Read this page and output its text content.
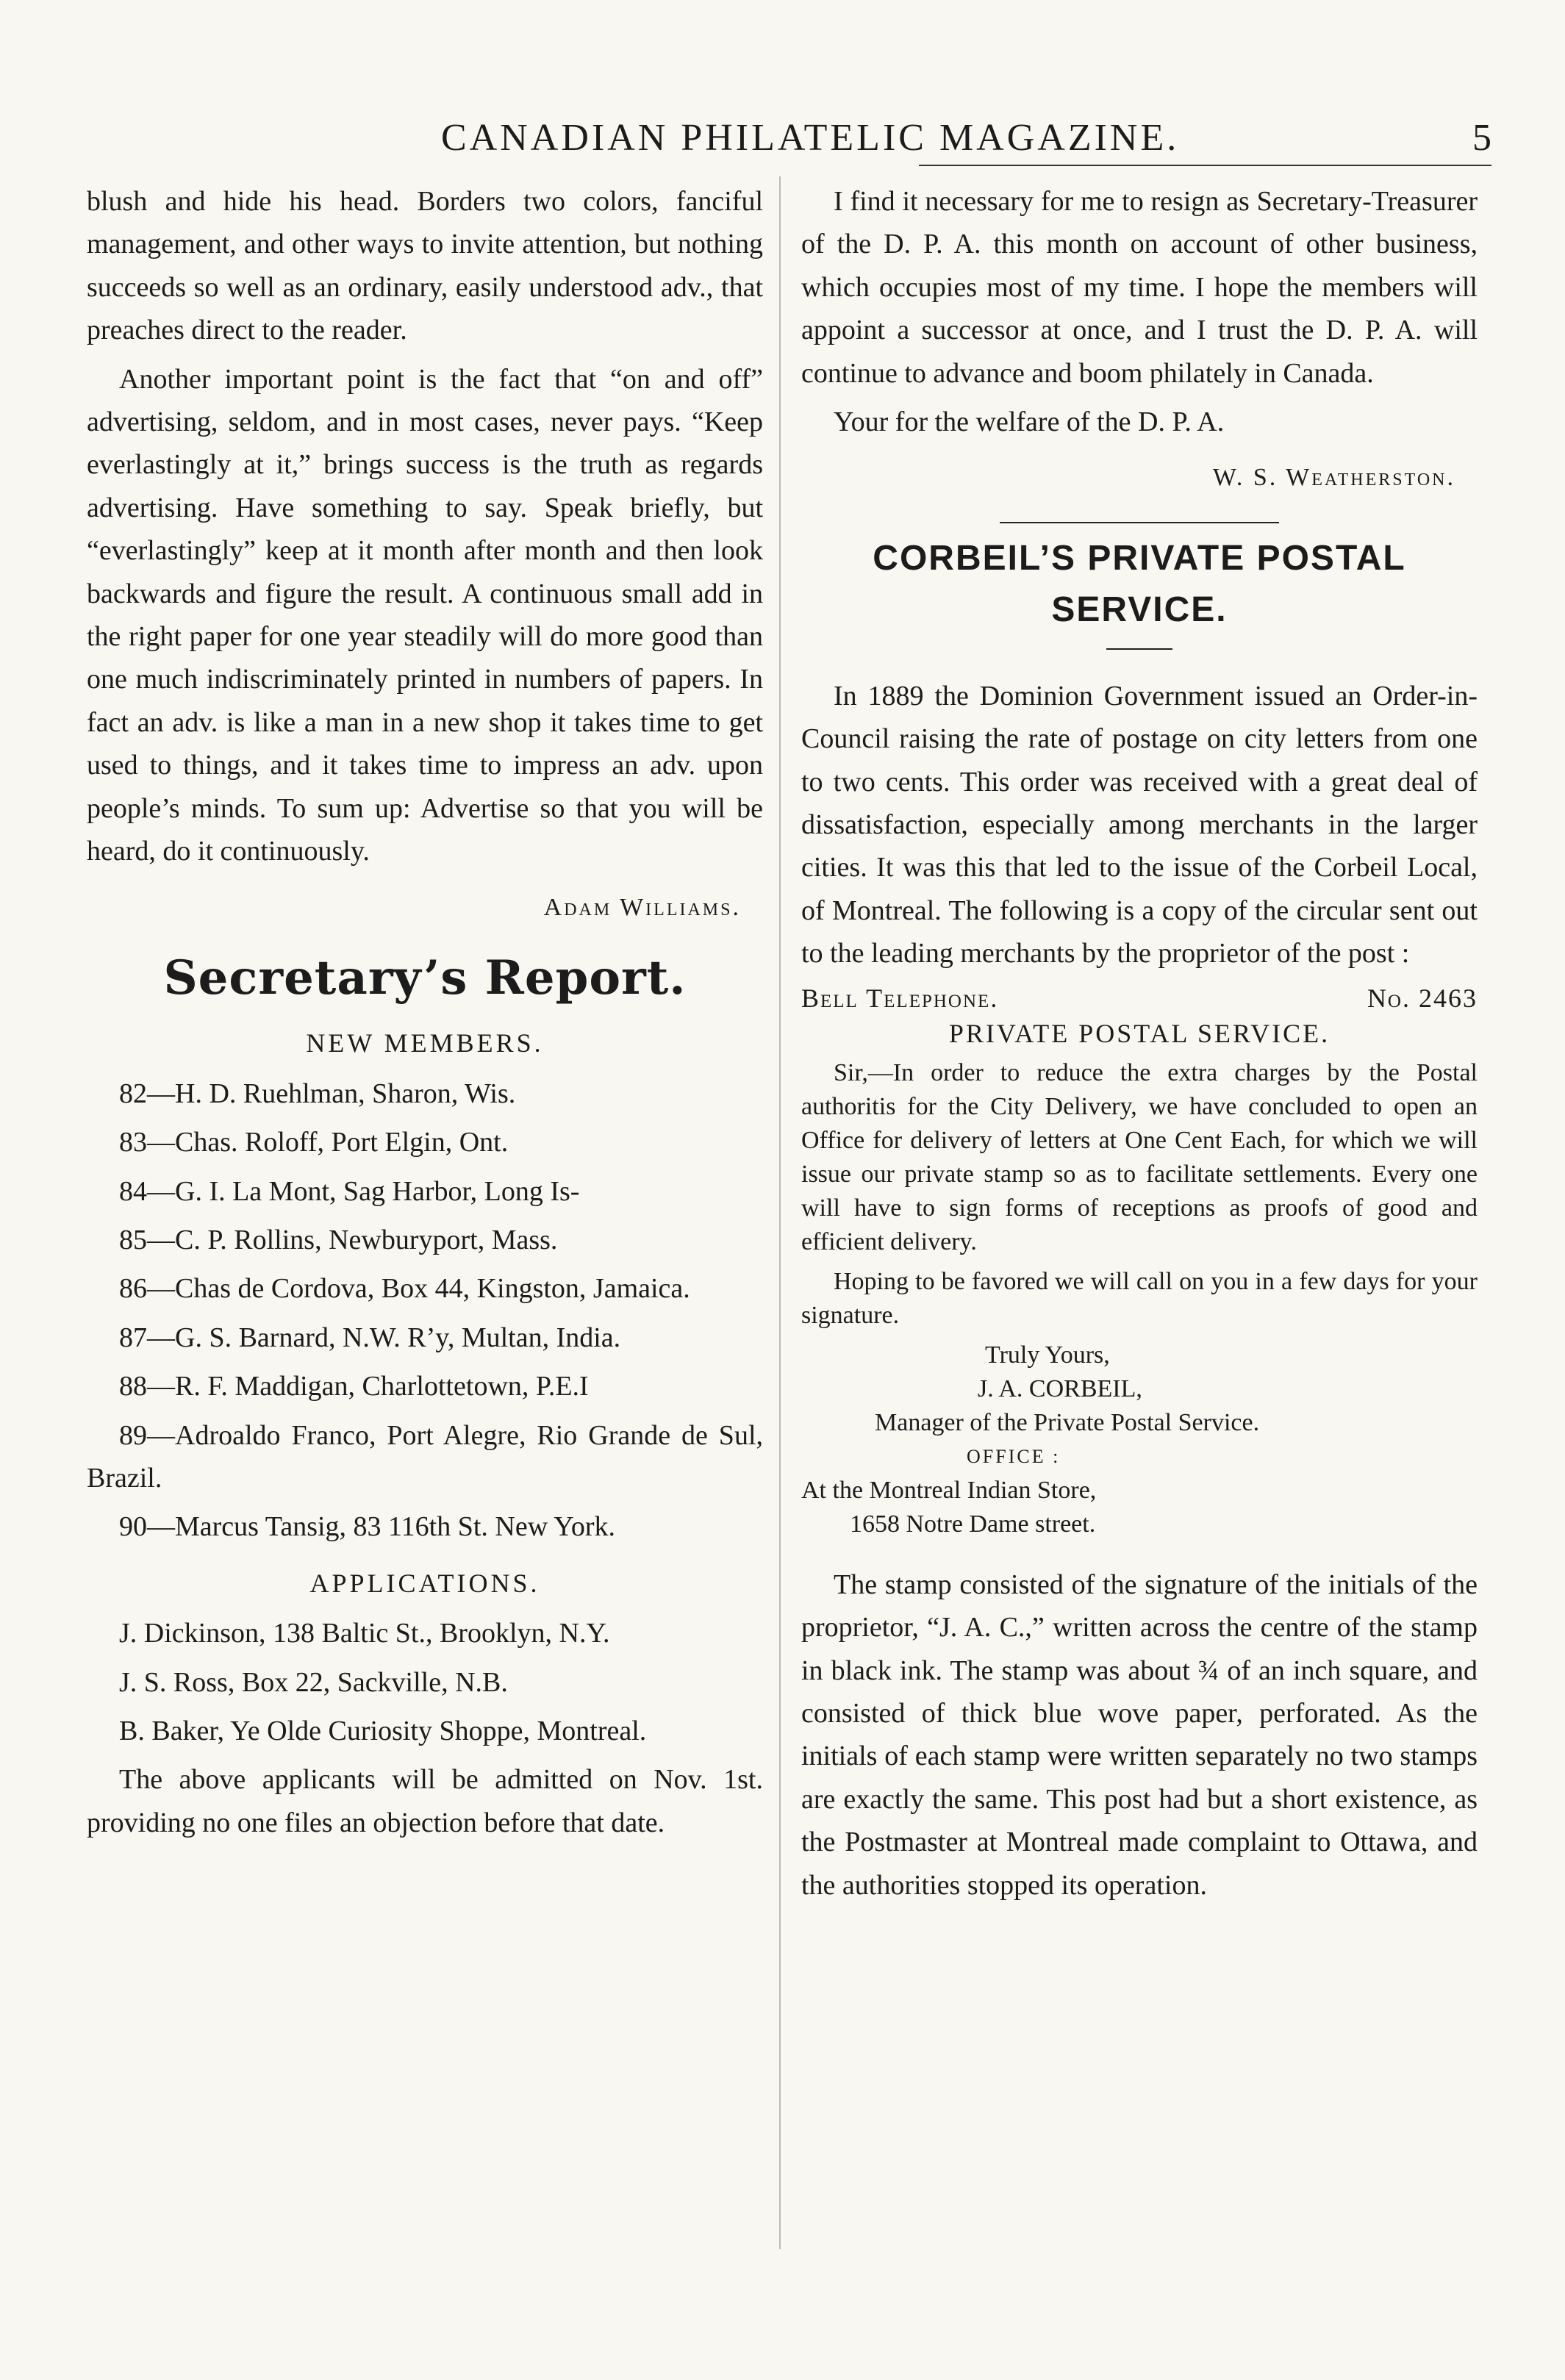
CANADIAN PHILATELIC MAGAZINE.	5

blush and hide his head. Borders two colors, fanciful management, and other ways to invite attention, but nothing succeeds so well as an ordinary, easily understood adv., that preaches direct to the reader.

Another important point is the fact that “on and off” advertising, seldom, and in most cases, never pays. “Keep everlastingly at it,” brings success is the truth as regards advertising. Have something to say. Speak briefly, but “everlastingly” keep at it month after month and then look backwards and figure the result. A continuous small add in the right paper for one year steadily will do more good than one much indiscriminately printed in numbers of papers. In fact an adv. is like a man in a new shop it takes time to get used to things, and it takes time to impress an adv. upon people’s minds. To sum up: Advertise so that you will be heard, do it continuously.

Adam Williams.
Secretary’s Report.
NEW MEMBERS.

82—H. D. Ruehlman, Sharon, Wis.

83—Chas. Roloff, Port Elgin, Ont.

84—G. I. La Mont, Sag Harbor, Long Is-

85—C. P. Rollins, Newburyport, Mass.

86—Chas de Cordova, Box 44, Kingston, Jamaica.

87—G. S. Barnard, N.W. R’y, Multan, India.

88—R. F. Maddigan, Charlottetown, P.E.I

89—Adroaldo Franco, Port Alegre, Rio Grande de Sul, Brazil.

90—Marcus Tansig, 83 116th St. New York.

APPLICATIONS.

J. Dickinson, 138 Baltic St., Brooklyn, N.Y.

J. S. Ross, Box 22, Sackville, N.B.

B. Baker, Ye Olde Curiosity Shoppe, Montreal.

The above applicants will be admitted on Nov. 1st. providing no one files an objection before that date.

I find it necessary for me to resign as Secretary-Treasurer of the D. P. A. this month on account of other business, which occupies most of my time. I hope the members will appoint a successor at once, and I trust the D. P. A. will continue to advance and boom philately in Canada.

Your for the welfare of the D. P. A.

W. S. Weatherston.
CORBEIL’S PRIVATE POSTAL
SERVICE.

In 1889 the Dominion Government issued an Order-in-Council raising the rate of postage on city letters from one to two cents. This order was received with a great deal of dissatisfaction, especially among merchants in the larger cities. It was this that led to the issue of the Corbeil Local, of Montreal. The following is a copy of the circular sent out to the leading merchants by the proprietor of the post :

Bell Telephone.	No. 2463
PRIVATE POSTAL SERVICE.

Sir,—In order to reduce the extra charges by the Postal authoritis for the City Delivery, we have concluded to open an Office for delivery of letters at One Cent Each, for which we will issue our private stamp so as to facilitate settlements. Every one will have to sign forms of receptions as proofs of good and efficient delivery.

Hoping to be favored we will call on you in a few days for your signature.

Truly Yours,
J. A. CORBEIL,
Manager of the Private Postal Service.
OFFICE :
At the Montreal Indian Store,
1658 Notre Dame street.

The stamp consisted of the signature of the initials of the proprietor, “J. A. C.,” written across the centre of the stamp in black ink. The stamp was about ¾ of an inch square, and consisted of thick blue wove paper, perforated. As the initials of each stamp were written separately no two stamps are exactly the same. This post had but a short existence, as the Postmaster at Montreal made complaint to Ottawa, and the authorities stopped its operation.
